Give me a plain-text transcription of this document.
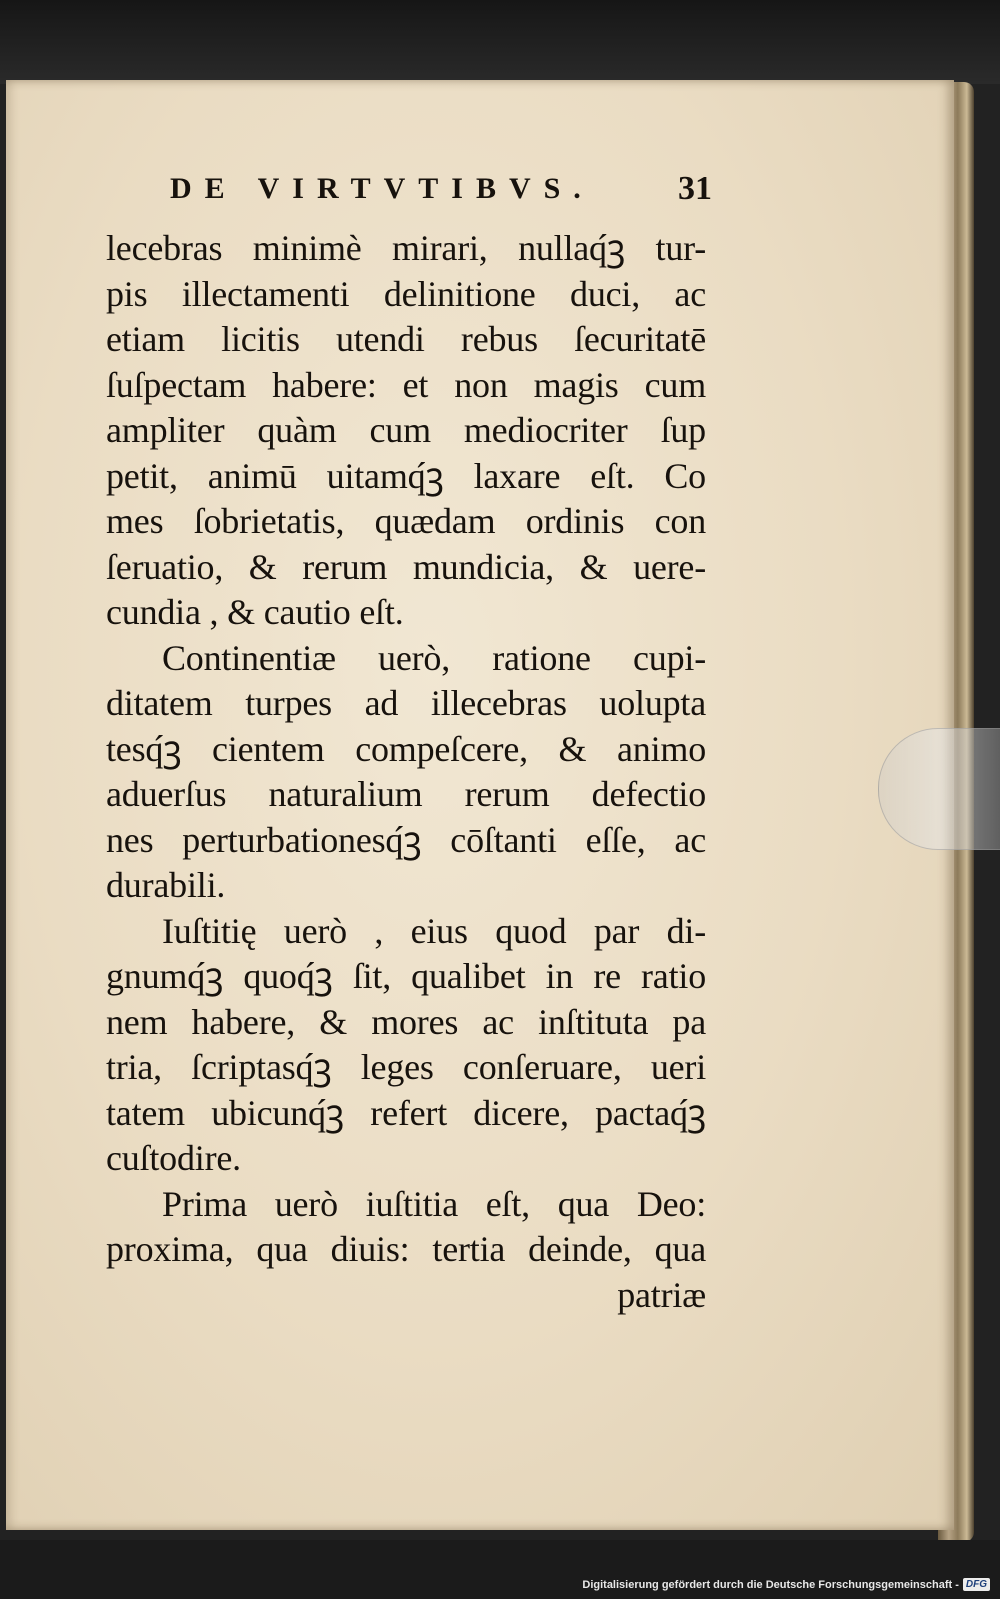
DE VIRTVTIBVS. 31
lecebras minimè mirari, nullaq́ꝫ tur-
pis illectamenti delinitione duci, ac
etiam licitis utendi rebus ſecuritatē
ſuſpectam habere: et non magis cum
ampliter quàm cum mediocriter ſup
petit, animū uitamq́ꝫ laxare eſt. Co
mes ſobrietatis, quædam ordinis con
ſeruatio, & rerum mundicia, & uere-
cundia , & cautio eſt.
Continentiæ uerò, ratione cupi-
ditatem turpes ad illecebras uolupta
tesq́ꝫ cientem compeſcere, & animo
aduerſus naturalium rerum defectio
nes perturbationesq́ꝫ cōſtanti eſſe, ac
durabili.
Iuſtitię uerò , eius quod par di-
gnumq́ꝫ quoq́ꝫ ſit, qualibet in re ratio
nem habere, & mores ac inſtituta pa
tria, ſcriptasq́ꝫ leges conſeruare, ueri
tatem ubicunq́ꝫ refert dicere, pactaq́ꝫ
cuſtodire.
Prima uerò iuſtitia eſt, qua Deo:
proxima, qua diuis: tertia deinde, qua
patriæ
Digitalisierung gefördert durch die Deutsche Forschungsgemeinschaft - DFG
